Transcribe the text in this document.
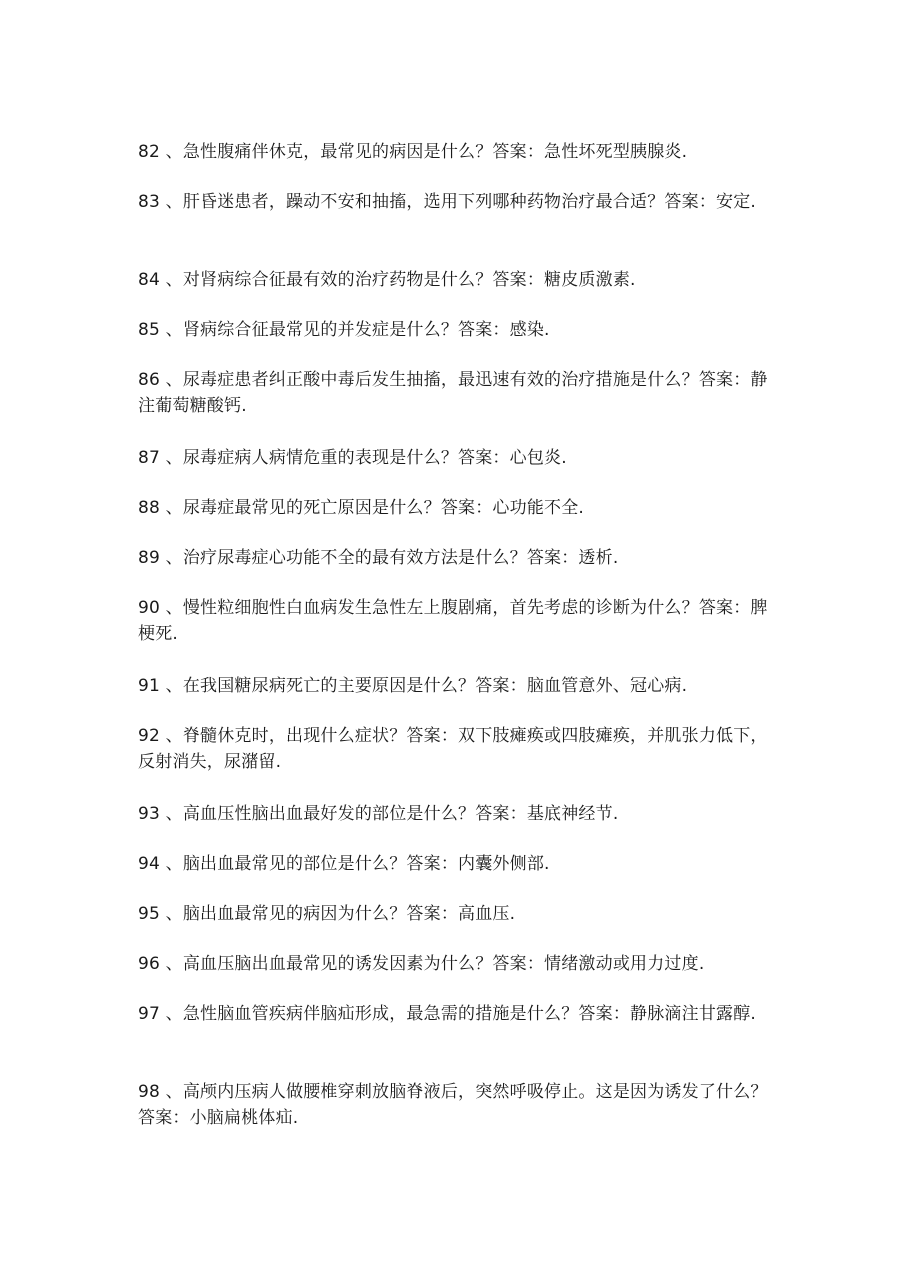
82 、急性腹痛伴休克，最常见的病因是什么？答案：急性坏死型胰腺炎.

83 、肝昏迷患者，躁动不安和抽搐，选用下列哪种药物治疗最合适？答案：安定.

84 、对肾病综合征最有效的治疗药物是什么？答案：糖皮质激素.

85 、肾病综合征最常见的并发症是什么？答案：感染.

86 、尿毒症患者纠正酸中毒后发生抽搐，最迅速有效的治疗措施是什么？答案：静注葡萄糖酸钙.

87 、尿毒症病人病情危重的表现是什么？答案：心包炎.

88 、尿毒症最常见的死亡原因是什么？答案：心功能不全.

89 、治疗尿毒症心功能不全的最有效方法是什么？答案：透析.

90 、慢性粒细胞性白血病发生急性左上腹剧痛，首先考虑的诊断为什么？答案：脾梗死.

91 、在我国糖尿病死亡的主要原因是什么？答案：脑血管意外、冠心病.

92 、脊髓休克时，出现什么症状？答案：双下肢瘫痪或四肢瘫痪，并肌张力低下，反射消失，尿潴留.

93 、高血压性脑出血最好发的部位是什么？答案：基底神经节.

94 、脑出血最常见的部位是什么？答案：内囊外侧部.

95 、脑出血最常见的病因为什么？答案：高血压.

96 、高血压脑出血最常见的诱发因素为什么？答案：情绪激动或用力过度.

97 、急性脑血管疾病伴脑疝形成，最急需的措施是什么？答案：静脉滴注甘露醇.

98 、高颅内压病人做腰椎穿刺放脑脊液后，突然呼吸停止。这是因为诱发了什么？答案：小脑扁桃体疝.
